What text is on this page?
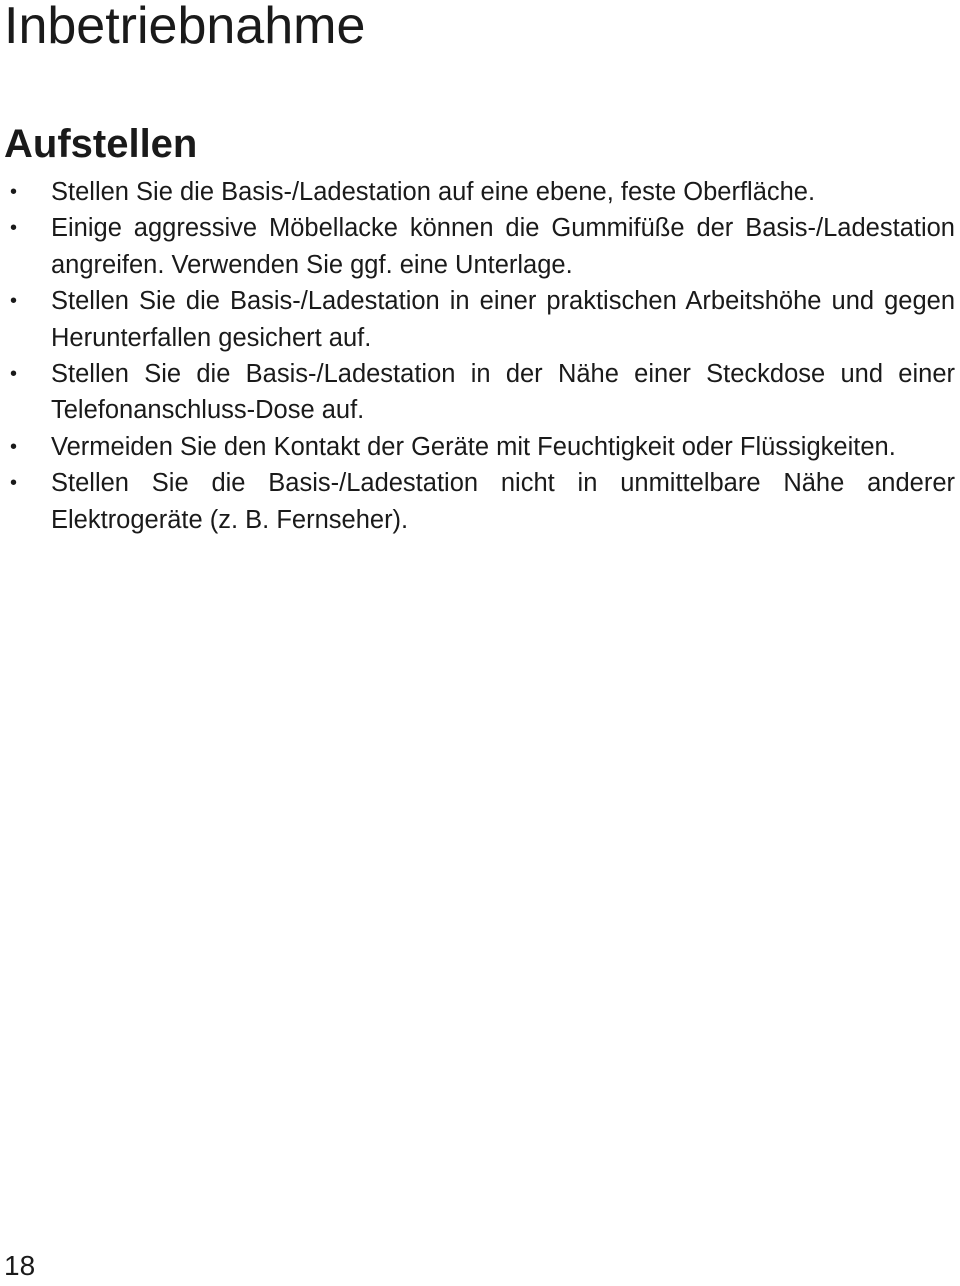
Inbetriebnahme
Aufstellen
• Stellen Sie die Basis-/Ladestation auf eine ebene, feste Oberfläche.
• Einige aggressive Möbellacke können die Gummifüße der Basis-/Ladestation angreifen. Verwenden Sie ggf. eine Unterlage.
• Stellen Sie die Basis-/Ladestation in einer praktischen Arbeitshöhe und gegen Herunterfallen gesichert auf.
• Stellen Sie die Basis-/Ladestation in der Nähe einer Steckdose und einer Telefonanschluss-Dose auf.
• Vermeiden Sie den Kontakt der Geräte mit Feuchtigkeit oder Flüssigkeiten.
• Stellen Sie die Basis-/Ladestation nicht in unmittelbare Nähe anderer Elektrogeräte (z. B. Fernseher).
18
